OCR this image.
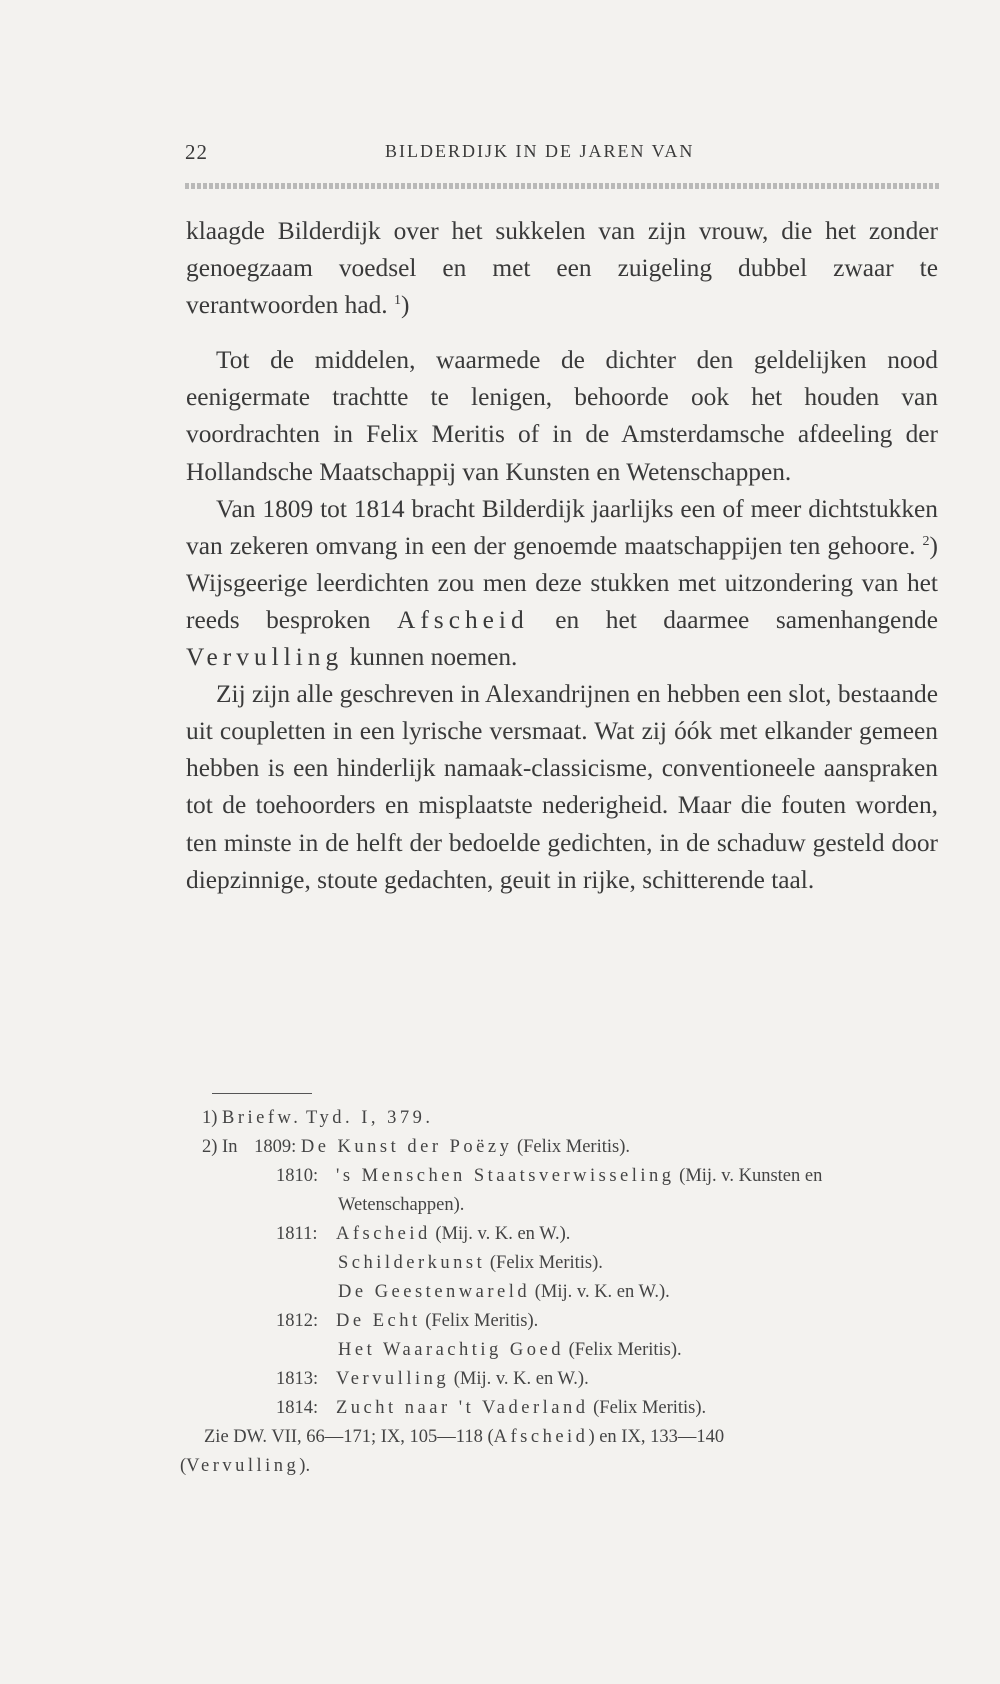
22	BILDERDIJK IN DE JAREN VAN

klaagde Bilderdijk over het sukkelen van zijn vrouw, die het zonder genoegzaam voedsel en met een zuigeling dubbel zwaar te verantwoorden had. $^1$)

Tot de middelen, waarmede de dichter den geldelijken nood eenigermate trachtte te lenigen, behoorde ook het houden van voordrachten in Felix Meritis of in de Amsterdamsche afdeeling der Hollandsche Maatschappij van Kunsten en Wetenschappen.

Van 1809 tot 1814 bracht Bilderdijk jaarlijks een of meer dichtstukken van zekeren omvang in een der genoemde maatschappijen ten gehoore. $^2$) Wijsgeerige leerdichten zou men deze stukken met uitzondering van het reeds besproken Afscheid en het daarmee samenhangende Vervulling kunnen noemen.

Zij zijn alle geschreven in Alexandrijnen en hebben een slot, bestaande uit coupletten in een lyrische versmaat. Wat zij óók met elkander gemeen hebben is een hinderlijk namaak-classicisme, conventioneele aanspraken tot de toehoorders en misplaatste nederigheid. Maar die fouten worden, ten minste in de helft der bedoelde gedichten, in de schaduw gesteld door diepzinnige, stoute gedachten, geuit in rijke, schitterende taal.

1) Briefw. Tyd. I, 379.
2) In 1809: De Kunst der Poëzy (Felix Meritis).
1810: 's Menschen Staatsverwisseling (Mij. v. Kunsten en
Wetenschappen).
1811: Afscheid (Mij. v. K. en W.).
Schilderkunst (Felix Meritis).
De Geestenwareld (Mij. v. K. en W.).
1812: De Echt (Felix Meritis).
Het Waarachtig Goed (Felix Meritis).
1813: Vervulling (Mij. v. K. en W.).
1814: Zucht naar 't Vaderland (Felix Meritis).
Zie DW. VII, 66—171; IX, 105—118 (Afscheid) en IX, 133—140
(Vervulling).
